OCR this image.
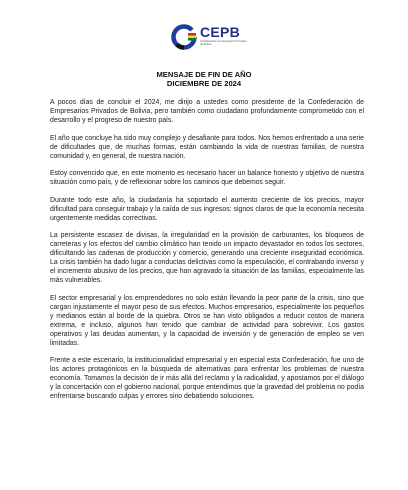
CEPB
Confederación de Empresarios Privados de Bolivia
MENSAJE DE FIN DE AÑO
DICIEMBRE DE 2024

A pocos días de concluir el 2024, me dirijo a ustedes como presidente de la Confederación de Empresarios Privados de Bolivia, pero también como ciudadano profundamente comprometido con el desarrollo y el progreso de nuestro país.

El año que concluye ha sido muy complejo y desafiante para todos. Nos hemos enfrentado a una serie de dificultades que, de muchas formas, están cambiando la vida de nuestras familias, de nuestra comunidad y, en general, de nuestra nación.

Estoy convencido que, en este momento es necesario hacer un balance honesto y objetivo de nuestra situación como país, y de reflexionar sobre los caminos que debemos seguir.

Durante todo este año, la ciudadanía ha soportado el aumento creciente de los precios, mayor dificultad para conseguir trabajo y la caída de sus ingresos: signos claros de que la economía necesita urgentemente medidas correctivas.

La persistente escasez de divisas, la irregularidad en la provisión de carburantes, los bloqueos de carreteras y los efectos del cambio climático han tenido un impacto devastador en todos los sectores, dificultando las cadenas de producción y comercio, generando una creciente inseguridad económica. La crisis también ha dado lugar a conductas delictivas como la especulación, el contrabando inverso y el incremento abusivo de los precios, que han agravado la situación de las familias, especialmente las más vulnerables.

El sector empresarial y los emprendedores no solo están llevando la peor parte de la crisis, sino que cargan injustamente el mayor peso de sus efectos. Muchos empresarios, especialmente los pequeños y medianos están al borde de la quiebra. Otros se han visto obligados a reducir costos de manera extrema, e incluso, algunos han tenido que cambiar de actividad para sobrevivir. Los gastos operativos y las deudas aumentan, y la capacidad de inversión y de generación de empleo se ven limitadas.

Frente a este escenario, la institucionalidad empresarial y en especial esta Confederación, fue uno de los actores protagónicos en la búsqueda de alternativas para enfrentar los problemas de nuestra economía. Tomamos la decisión de ir más allá del reclamo y la radicalidad, y apostamos por el diálogo y la concertación con el gobierno nacional, porque entendimos que la gravedad del problema no podía enfrentarse buscando culpas y errores sino debatiendo soluciones.
